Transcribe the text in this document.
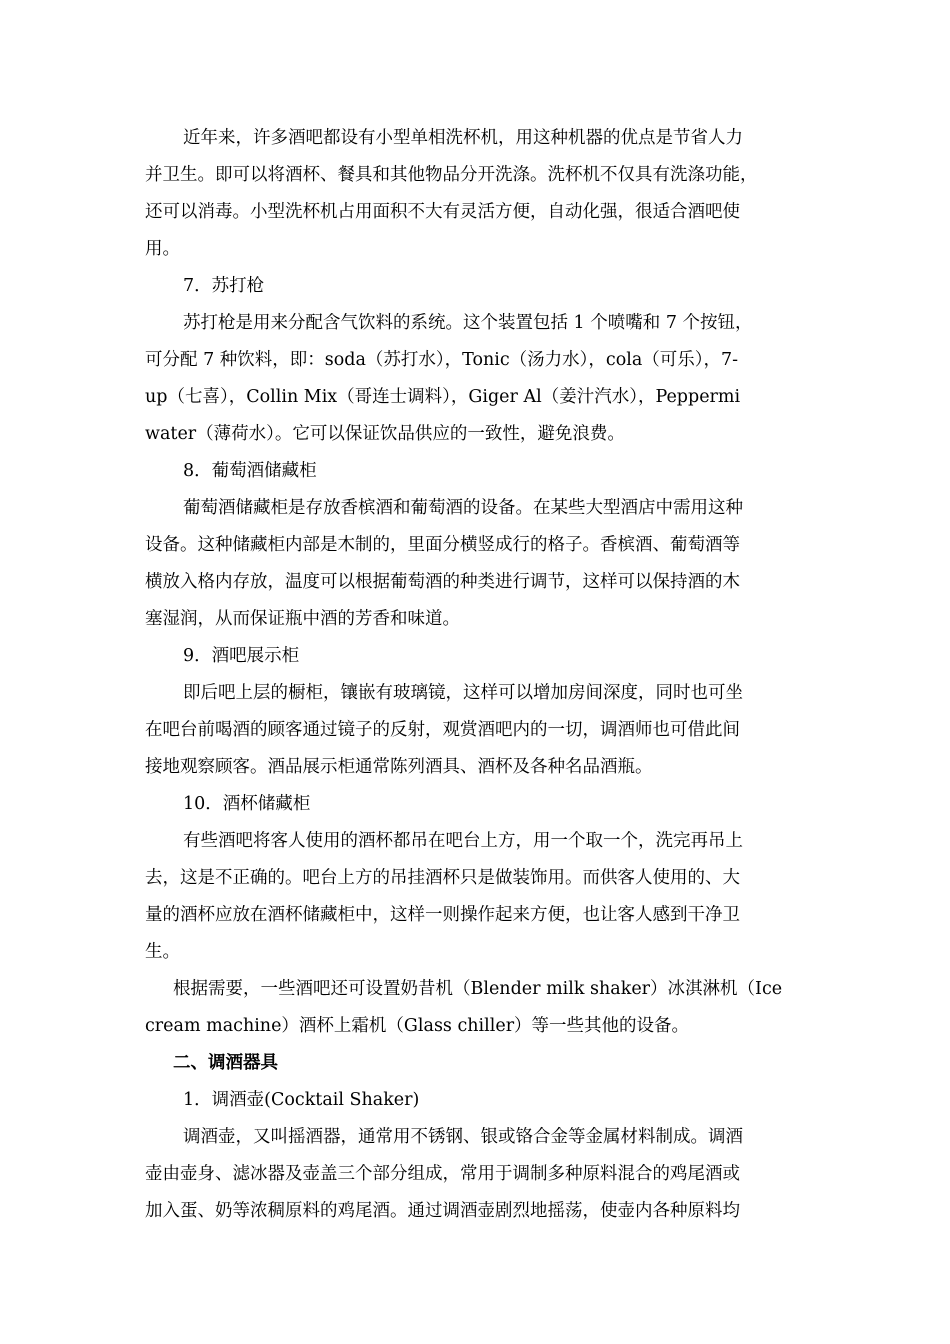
近年来，许多酒吧都设有小型单相洗杯机，用这种机器的优点是节省人力
并卫生。即可以将酒杯、餐具和其他物品分开洗涤。洗杯机不仅具有洗涤功能，
还可以消毒。小型洗杯机占用面积不大有灵活方便，自动化强，很适合酒吧使
用。
7．苏打枪
苏打枪是用来分配含气饮料的系统。这个装置包括 1 个喷嘴和 7 个按钮，
可分配 7 种饮料，即：soda（苏打水），Tonic（汤力水），cola（可乐），7-
up（七喜），Collin Mix（哥连士调料），Giger Al（姜汁汽水），Peppermi
water（薄荷水）。它可以保证饮品供应的一致性，避免浪费。
8．葡萄酒储藏柜
葡萄酒储藏柜是存放香槟酒和葡萄酒的设备。在某些大型酒店中需用这种
设备。这种储藏柜内部是木制的，里面分横竖成行的格子。香槟酒、葡萄酒等
横放入格内存放，温度可以根据葡萄酒的种类进行调节，这样可以保持酒的木
塞湿润，从而保证瓶中酒的芳香和味道。
9．酒吧展示柜
即后吧上层的橱柜，镶嵌有玻璃镜，这样可以增加房间深度，同时也可坐
在吧台前喝酒的顾客通过镜子的反射，观赏酒吧内的一切，调酒师也可借此间
接地观察顾客。酒品展示柜通常陈列酒具、酒杯及各种名品酒瓶。
10．酒杯储藏柜
有些酒吧将客人使用的酒杯都吊在吧台上方，用一个取一个，洗完再吊上
去，这是不正确的。吧台上方的吊挂酒杯只是做装饰用。而供客人使用的、大
量的酒杯应放在酒杯储藏柜中，这样一则操作起来方便，也让客人感到干净卫
生。
根据需要，一些酒吧还可设置奶昔机（Blender milk shaker）冰淇淋机（Ice
cream machine）酒杯上霜机（Glass chiller）等一些其他的设备。
二、调酒器具
1．调酒壶(Cocktail Shaker)
调酒壶，又叫摇酒器，通常用不锈钢、银或铬合金等金属材料制成。调酒
壶由壶身、滤冰器及壶盖三个部分组成，常用于调制多种原料混合的鸡尾酒或
加入蛋、奶等浓稠原料的鸡尾酒。通过调酒壶剧烈地摇荡，使壶内各种原料均
